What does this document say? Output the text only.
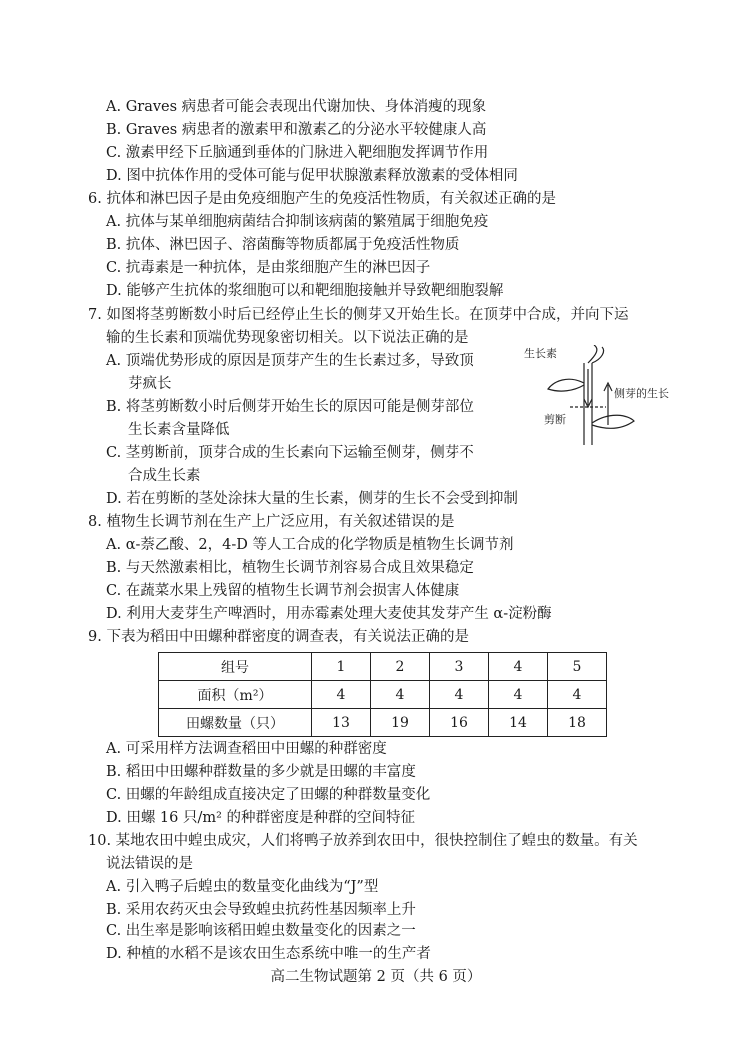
A. Graves 病患者可能会表现出代谢加快、身体消瘦的现象
B. Graves 病患者的激素甲和激素乙的分泌水平较健康人高
C. 激素甲经下丘脑通到垂体的门脉进入靶细胞发挥调节作用
D. 图中抗体作用的受体可能与促甲状腺激素释放激素的受体相同
6. 抗体和淋巴因子是由免疫细胞产生的免疫活性物质，有关叙述正确的是
A. 抗体与某单细胞病菌结合抑制该病菌的繁殖属于细胞免疫
B. 抗体、淋巴因子、溶菌酶等物质都属于免疫活性物质
C. 抗毒素是一种抗体，是由浆细胞产生的淋巴因子
D. 能够产生抗体的浆细胞可以和靶细胞接触并导致靶细胞裂解
7. 如图将茎剪断数小时后已经停止生长的侧芽又开始生长。在顶芽中合成，并向下运
输的生长素和顶端优势现象密切相关。以下说法正确的是
A. 顶端优势形成的原因是顶芽产生的生长素过多，导致顶
芽疯长
B. 将茎剪断数小时后侧芽开始生长的原因可能是侧芽部位
生长素含量降低
C. 茎剪断前，顶芽合成的生长素向下运输至侧芽，侧芽不
合成生长素
D. 若在剪断的茎处涂抹大量的生长素，侧芽的生长不会受到抑制
生长素
剪断
侧芽的生长
8. 植物生长调节剂在生产上广泛应用，有关叙述错误的是
A. α-萘乙酸、2，4-D 等人工合成的化学物质是植物生长调节剂
B. 与天然激素相比，植物生长调节剂容易合成且效果稳定
C. 在蔬菜水果上残留的植物生长调节剂会损害人体健康
D. 利用大麦芽生产啤酒时，用赤霉素处理大麦使其发芽产生 α-淀粉酶
9. 下表为稻田中田螺种群密度的调查表，有关说法正确的是
组号	1	2	3	4	5
面积（m²）	4	4	4	4	4
田螺数量（只）	13	19	16	14	18
A. 可采用样方法调查稻田中田螺的种群密度
B. 稻田中田螺种群数量的多少就是田螺的丰富度
C. 田螺的年龄组成直接决定了田螺的种群数量变化
D. 田螺 16 只/m² 的种群密度是种群的空间特征
10. 某地农田中蝗虫成灾，人们将鸭子放养到农田中，很快控制住了蝗虫的数量。有关
说法错误的是
A. 引入鸭子后蝗虫的数量变化曲线为“J”型
B. 采用农药灭虫会导致蝗虫抗药性基因频率上升
C. 出生率是影响该稻田蝗虫数量变化的因素之一
D. 种植的水稻不是该农田生态系统中唯一的生产者
高二生物试题第 2 页（共 6 页）
